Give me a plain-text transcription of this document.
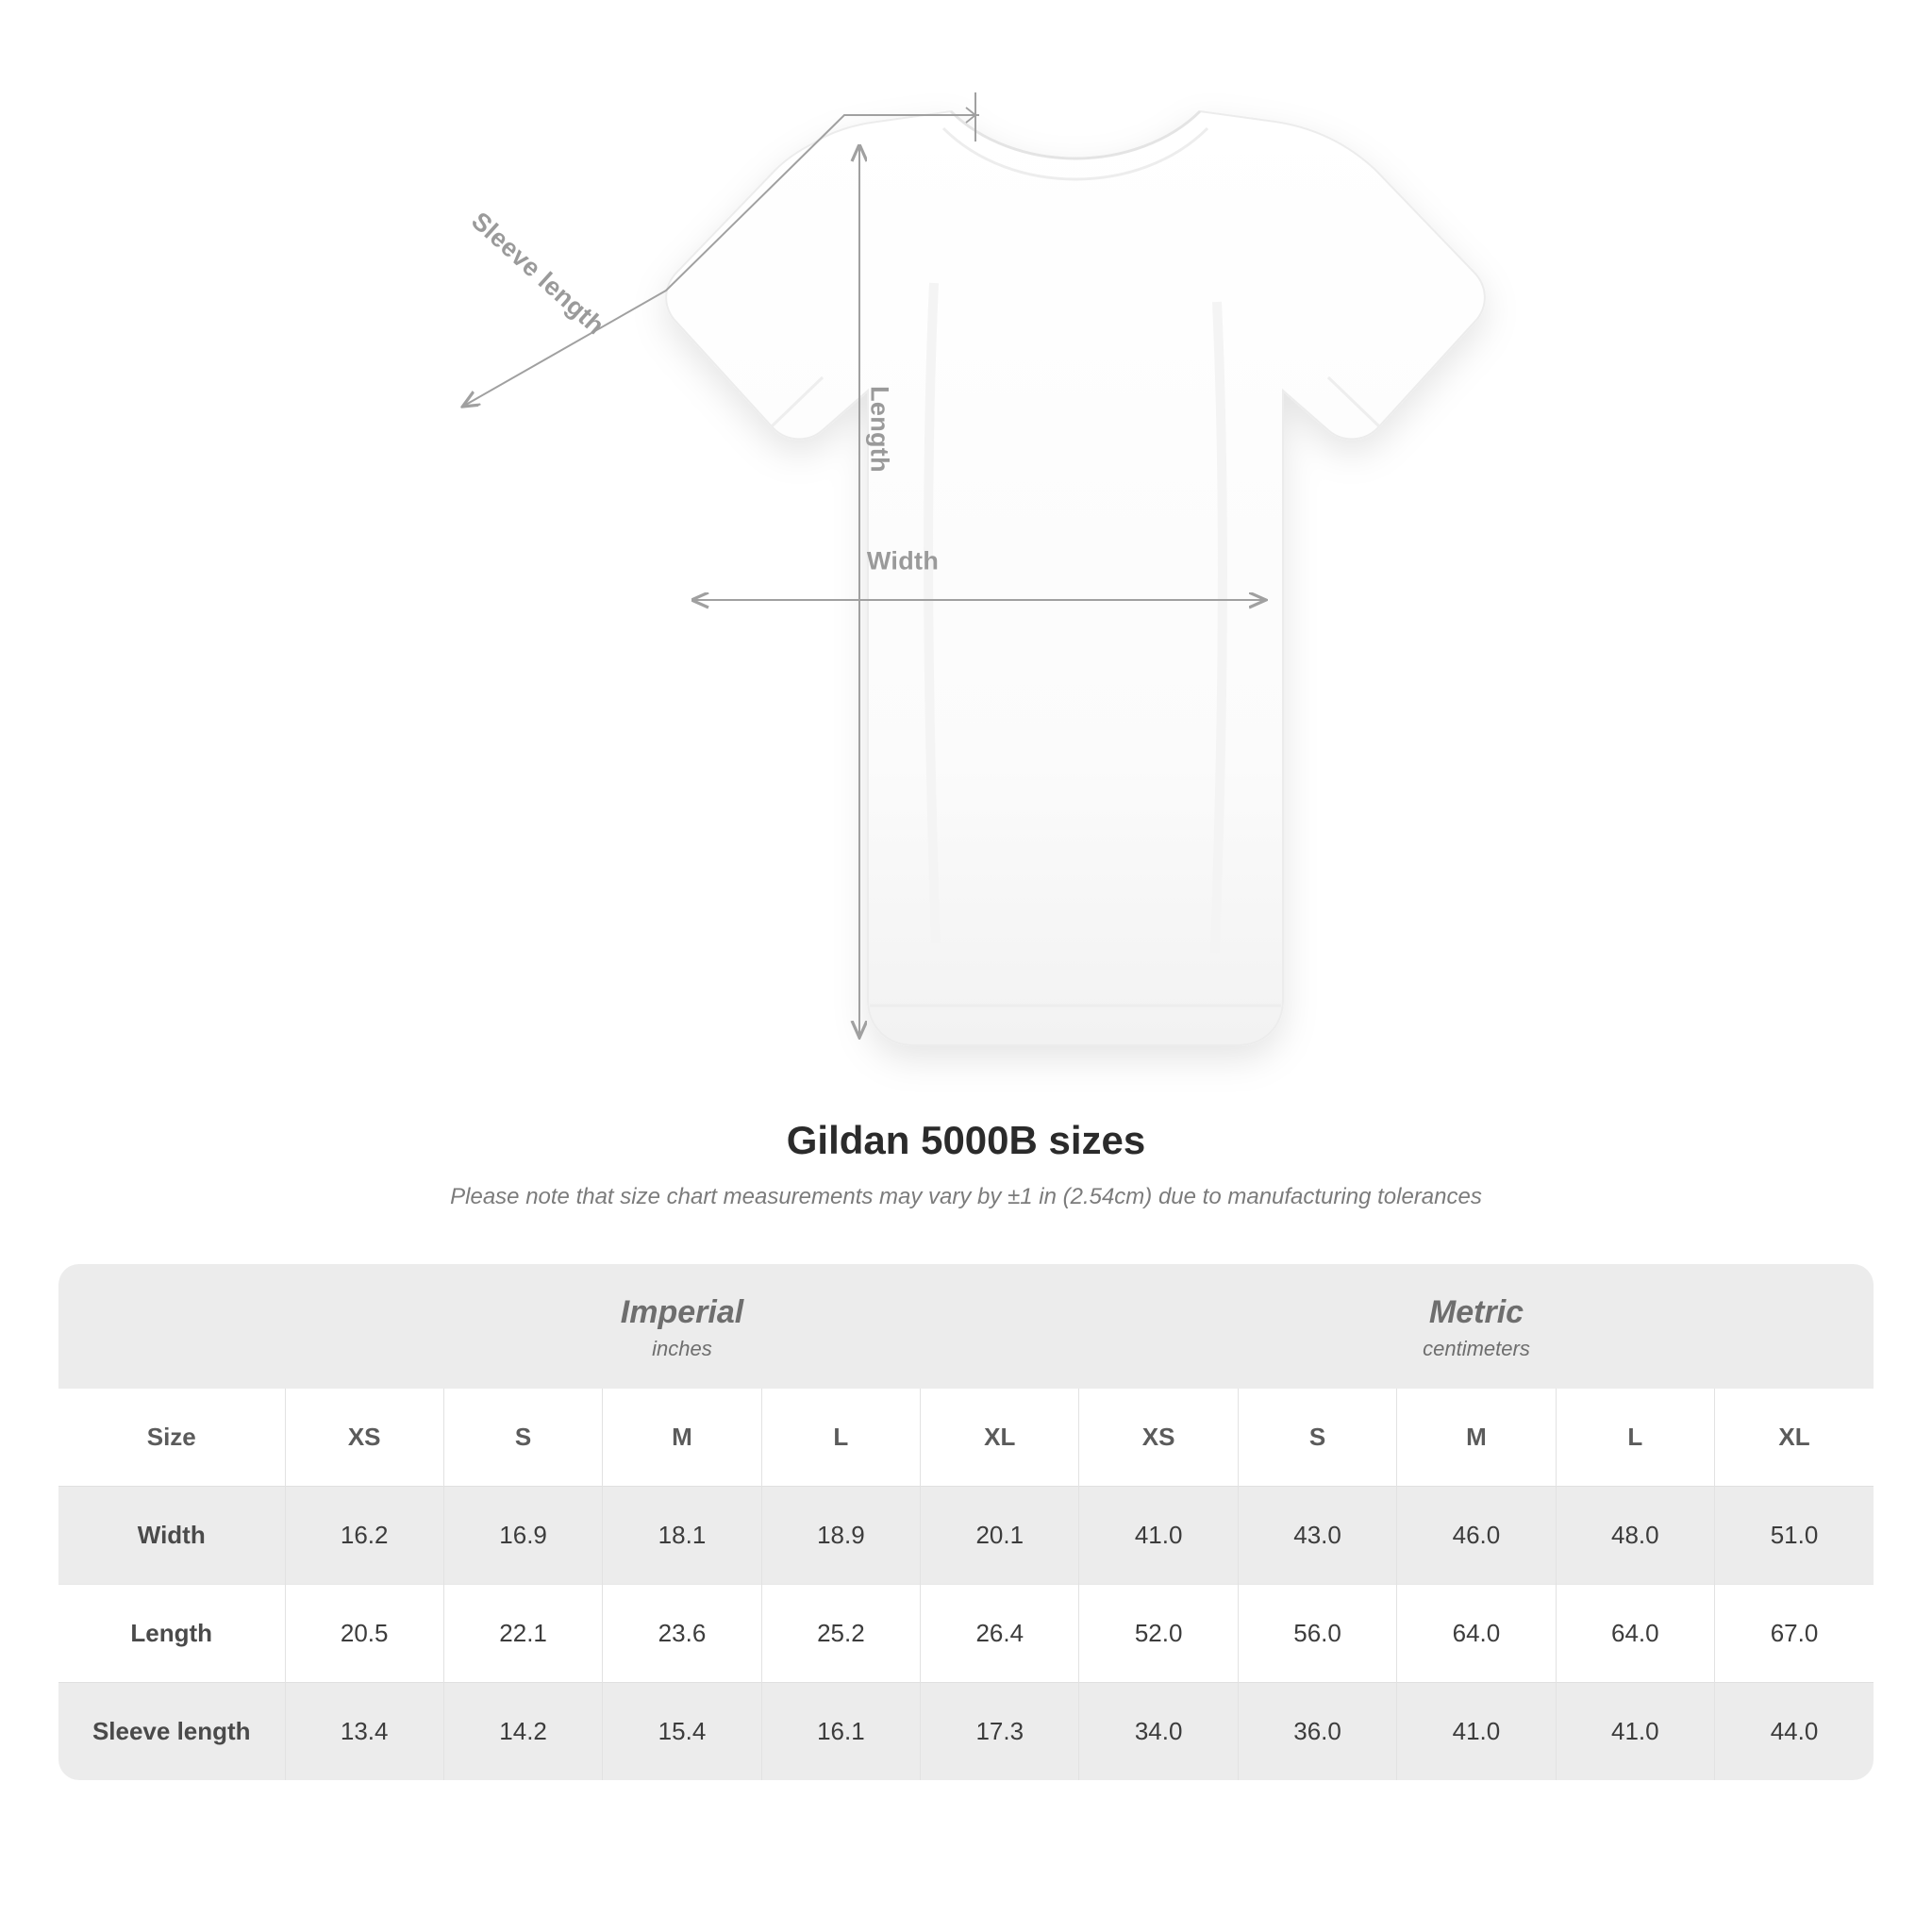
Width
Length
Sleeve length
Gildan 5000B sizes

Please note that size chart measurements may vary by ±1 in (2.54cm) due to manufacturing tolerances

Imperial
inches

Metric
centimeters

Size	XS	S	M	L	XL	XS	S	M	L	XL
Width	16.2	16.9	18.1	18.9	20.1	41.0	43.0	46.0	48.0	51.0
Length	20.5	22.1	23.6	25.2	26.4	52.0	56.0	64.0	64.0	67.0
Sleeve length	13.4	14.2	15.4	16.1	17.3	34.0	36.0	41.0	41.0	44.0
